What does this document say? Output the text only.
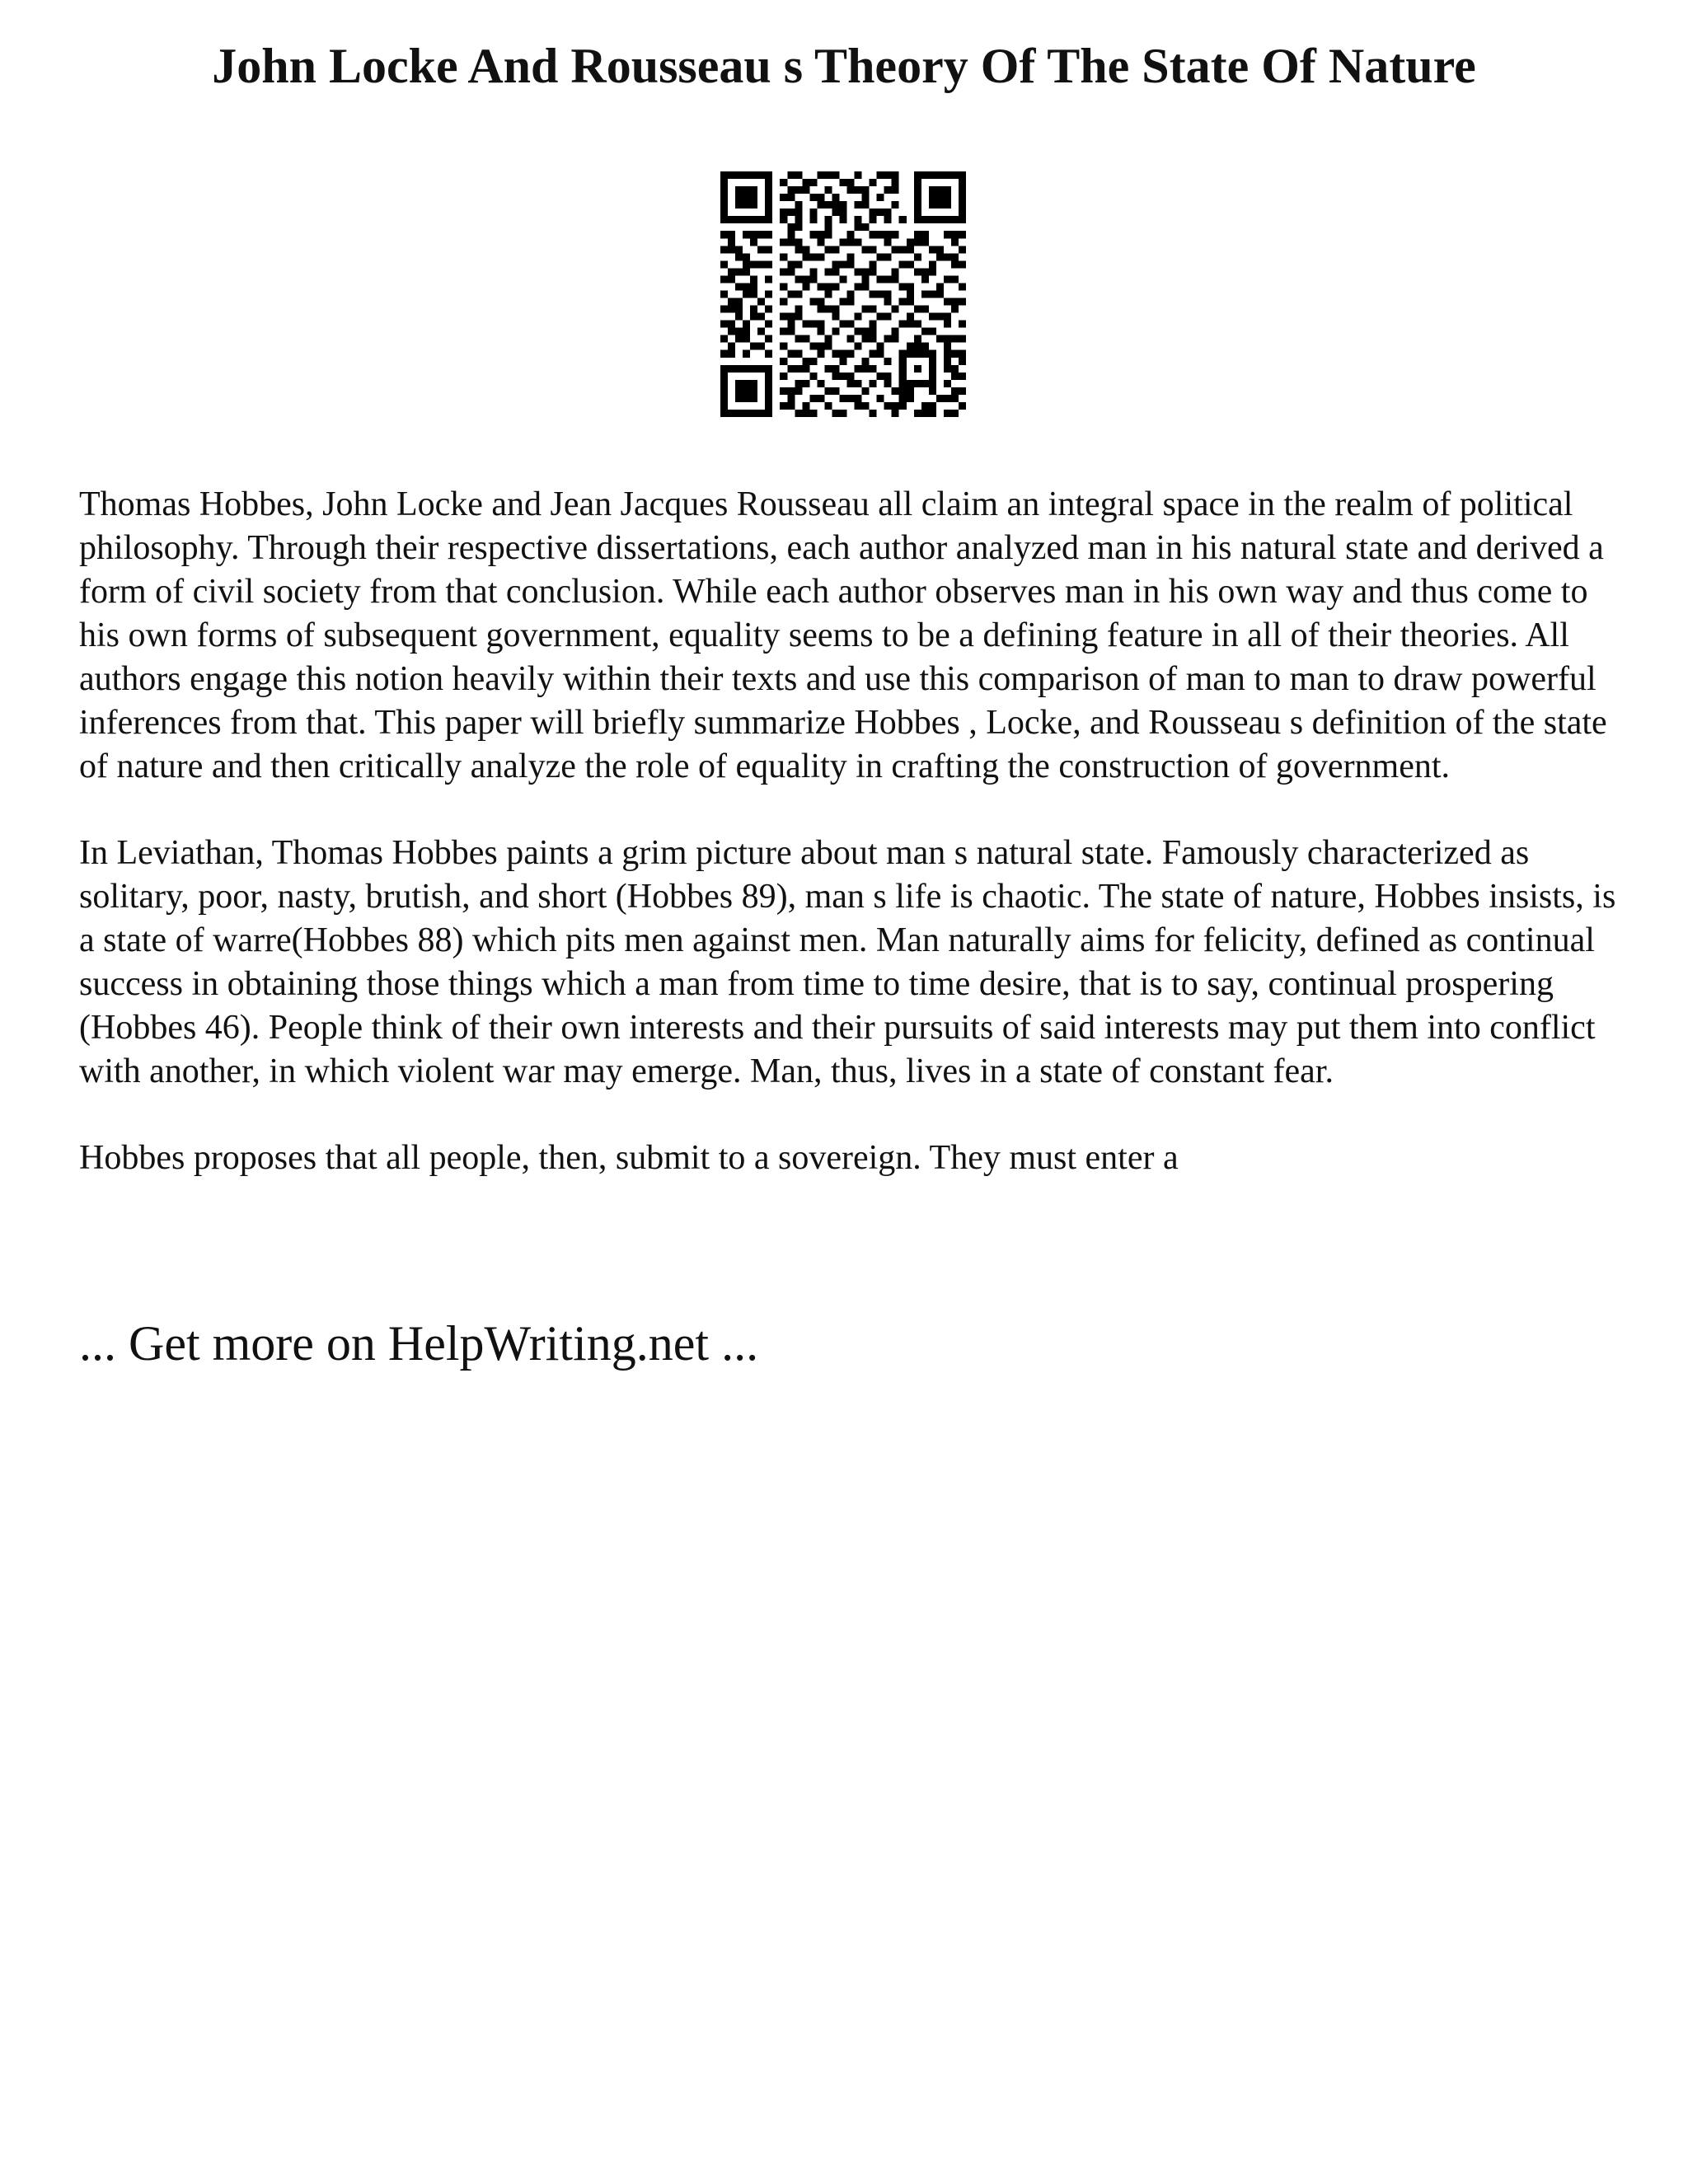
John Locke And Rousseau s Theory Of The State Of Nature

Thomas Hobbes, John Locke and Jean Jacques Rousseau all claim an integral space in the realm of political philosophy. Through their respective dissertations, each author analyzed man in his natural state and derived a form of civil society from that conclusion. While each author observes man in his own way and thus come to his own forms of subsequent government, equality seems to be a defining feature in all of their theories. All authors engage this notion heavily within their texts and use this comparison of man to man to draw powerful inferences from that. This paper will briefly summarize Hobbes , Locke, and Rousseau s definition of the state of nature and then critically analyze the role of equality in crafting the construction of government.

In Leviathan, Thomas Hobbes paints a grim picture about man s natural state. Famously characterized as solitary, poor, nasty, brutish, and short (Hobbes 89), man s life is chaotic. The state of nature, Hobbes insists, is a state of warre(Hobbes 88) which pits men against men. Man naturally aims for felicity, defined as continual success in obtaining those things which a man from time to time desire, that is to say, continual prospering (Hobbes 46). People think of their own interests and their pursuits of said interests may put them into conflict with another, in which violent war may emerge. Man, thus, lives in a state of constant fear.

Hobbes proposes that all people, then, submit to a sovereign. They must enter a

... Get more on HelpWriting.net ...
